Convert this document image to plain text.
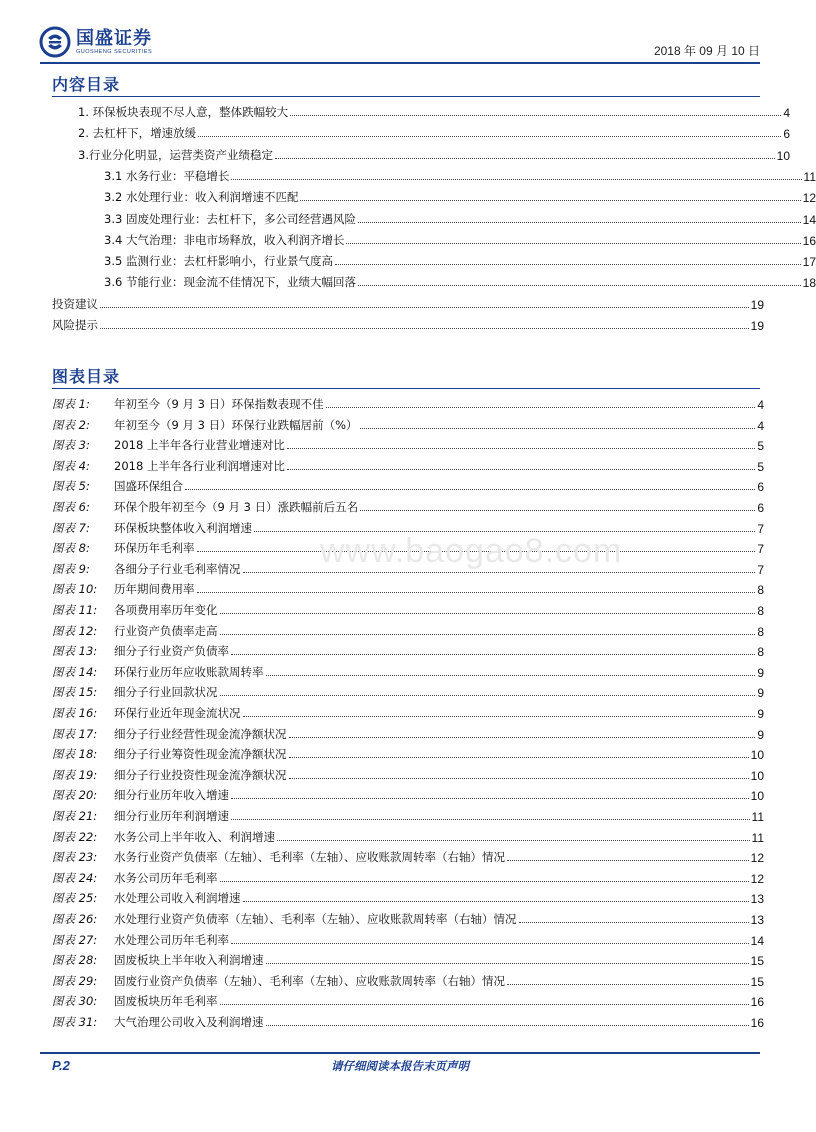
国盛证券
GUOSHENG SECURITIES	2018 年 09 月 10 日
内容目录
1. 环保板块表现不尽人意，整体跌幅较大	4
2. 去杠杆下，增速放缓	6
3.行业分化明显，运营类资产业绩稳定	10
3.1 水务行业：平稳增长	11
3.2 水处理行业：收入利润增速不匹配	12
3.3 固废处理行业：去杠杆下，多公司经营遇风险	14
3.4 大气治理：非电市场释放，收入利润齐增长	16
3.5 监测行业：去杠杆影响小，行业景气度高	17
3.6 节能行业：现金流不佳情况下，业绩大幅回落	18
投资建议	19
风险提示	19
图表目录
图表 1:	年初至今（9 月 3 日）环保指数表现不佳	4
图表 2:	年初至今（9 月 3 日）环保行业跌幅居前（%）	4
图表 3:	2018 上半年各行业营业增速对比	5
图表 4:	2018 上半年各行业利润增速对比	5
图表 5:	国盛环保组合	6
图表 6:	环保个股年初至今（9 月 3 日）涨跌幅前后五名	6
图表 7:	环保板块整体收入利润增速	7
图表 8:	环保历年毛利率	7
图表 9:	各细分子行业毛利率情况	7
图表 10:	历年期间费用率	8
图表 11:	各项费用率历年变化	8
图表 12:	行业资产负债率走高	8
图表 13:	细分子行业资产负债率	8
图表 14:	环保行业历年应收账款周转率	9
图表 15:	细分子行业回款状况	9
图表 16:	环保行业近年现金流状况	9
图表 17:	细分子行业经营性现金流净额状况	9
图表 18:	细分子行业筹资性现金流净额状况	10
图表 19:	细分子行业投资性现金流净额状况	10
图表 20:	细分行业历年收入增速	10
图表 21:	细分行业历年利润增速	11
图表 22:	水务公司上半年收入、利润增速	11
图表 23:	水务行业资产负债率（左轴）、毛利率（左轴）、应收账款周转率（右轴）情况	12
图表 24:	水务公司历年毛利率	12
图表 25:	水处理公司收入利润增速	13
图表 26:	水处理行业资产负债率（左轴）、毛利率（左轴）、应收账款周转率（右轴）情况	13
图表 27:	水处理公司历年毛利率	14
图表 28:	固废板块上半年收入利润增速	15
图表 29:	固废行业资产负债率（左轴）、毛利率（左轴）、应收账款周转率（右轴）情况	15
图表 30:	固废板块历年毛利率	16
图表 31:	大气治理公司收入及利润增速	16
www.baogao8.com
P.2	请仔细阅读本报告末页声明
